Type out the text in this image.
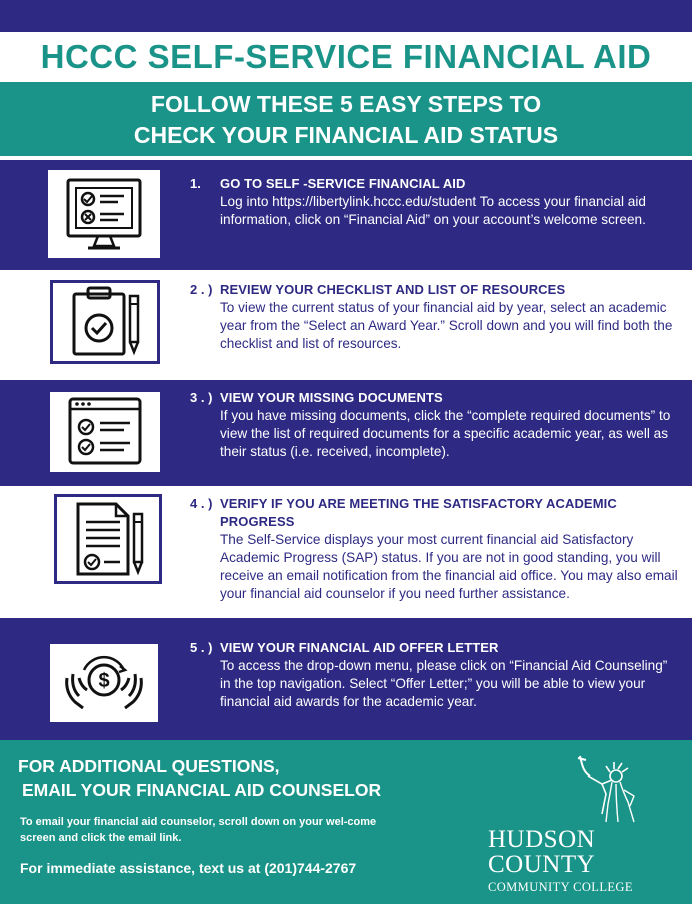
HCCC SELF-SERVICE FINANCIAL AID
FOLLOW THESE 5 EASY STEPS TO
CHECK YOUR FINANCIAL AID STATUS
1. GO TO SELF -SERVICE FINANCIAL AID
Log into https://libertylink.hccc.edu/student To access your financial aid information, click on “Financial Aid” on your account’s welcome screen.
2 . ) REVIEW YOUR CHECKLIST AND LIST OF RESOURCES
To view the current status of your financial aid by year, select an academic year from the “Select an Award Year.” Scroll down and you will find both the checklist and list of resources.
3 . ) VIEW YOUR MISSING DOCUMENTS
If you have missing documents, click the “complete required documents” to view the list of required documents for a specific academic year, as well as their status (i.e. received, incomplete).
4 . ) VERIFY IF YOU ARE MEETING THE SATISFACTORY ACADEMIC PROGRESS
The Self-Service displays your most current financial aid Satisfactory Academic Progress (SAP) status. If you are not in good standing, you will receive an email notification from the financial aid office. You may also email your financial aid counselor if you need further assistance.
$
5 . ) VIEW YOUR FINANCIAL AID OFFER LETTER
To access the drop-down menu, please click on “Financial Aid Counseling” in the top navigation. Select “Offer Letter;” you will be able to view your financial aid awards for the academic year.
FOR ADDITIONAL QUESTIONS,
EMAIL YOUR FINANCIAL AID COUNSELOR
To email your financial aid counselor, scroll down on your wel-come screen and click the email link.
For immediate assistance, text us at (201)744-2767
HUDSON
COUNTY
COMMUNITY COLLEGE
